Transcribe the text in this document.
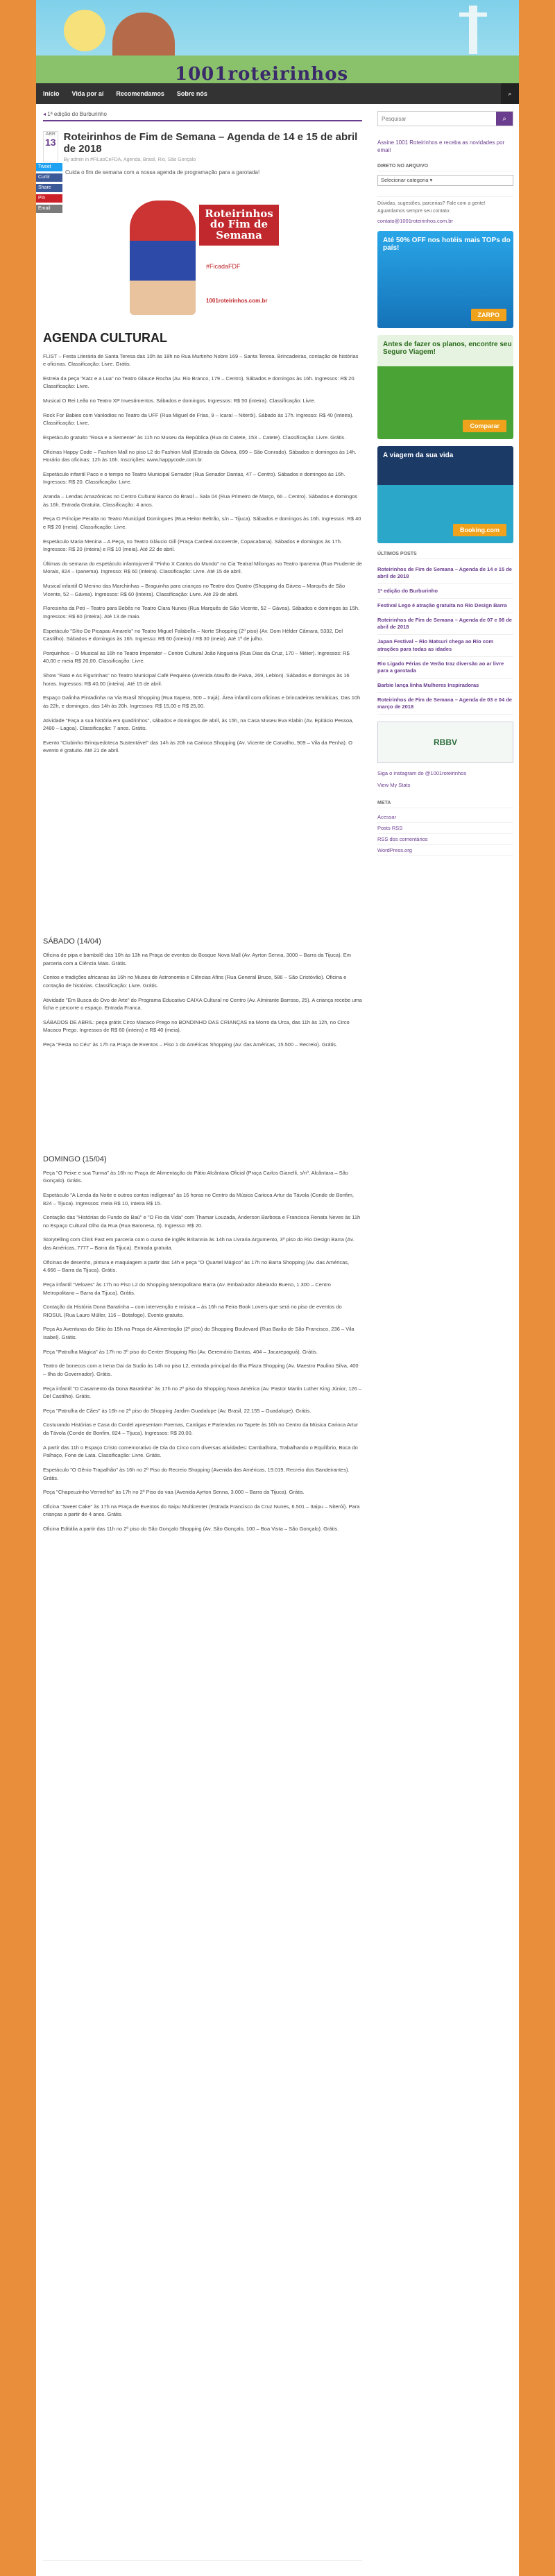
1001roteirinhos
Início Vida por aí Recomendamos Sobre nós	⌕
◂ 1ª edição do Burburinho
Tweet
Curtir
Share
Pin
Email
ABR
13 Roteirinhos de Fim de Semana – Agenda de 14 e 15 de abril de 2018
By admin in #FiLaoCeFDA, Agenda, Brasil, Rio, São Gonçalo
Cuida o fim de semana com a nossa agenda de programação para a garotada!
Roteirinhos do Fim de Semana
#FicadaFDF
1001roteirinhos.com.br
AGENDA CULTURAL
FLIST – Festa Literária de Santa Teresa das 10h às 18h no Rua Murtinho Nobre 169 – Santa Teresa. Brincadeiras, contação de histórias e oficinas. Classificação: Livre. Grátis.
Estreia da peça "Katz e a Lua" no Teatro Glauce Rocha (Av. Rio Branco, 179 – Centro). Sábados e domingos às 16h. Ingressos: R$ 20. Classificação: Livre.
Musical O Rei Leão no Teatro XP Investimentos. Sábados e domingos. Ingressos: R$ 50 (inteira). Classificação: Livre.
Rock For Babies com Vanlodios no Teatro da UFF (Rua Miguel de Frias, 9 – Icaraí – Niterói). Sábado às 17h. Ingresso: R$ 40 (inteira). Classificação: Livre.
Espetáculo gratuito "Rosa e a Semente" às 11h no Museu da República (Rua do Catete, 153 – Catete). Classificação: Livre. Grátis.
Oficinas Happy Code – Fashion Mall no piso L2 do Fashion Mall (Estrada da Gávea, 899 – São Conrado). Sábados e domingos às 14h. Horário das oficinas: 12h às 16h. Inscrições: www.happycode.com.br.
Espetáculo infantil Paco e o tempo no Teatro Municipal Serrador (Rua Senador Dantas, 47 – Centro). Sábados e domingos às 16h. Ingressos: R$ 20. Classificação: Livre.
Aranda – Lendas Amazônicas no Centro Cultural Banco do Brasil – Sala 04 (Rua Primeiro de Março, 66 – Centro). Sábados e domingos às 16h. Entrada Gratuita. Classificação: 4 anos.
Peça O Príncipe Peralta no Teatro Municipal Domingues (Rua Heitor Beltrão, s/n – Tijuca). Sábados e domingos às 16h. Ingressos: R$ 40 e R$ 20 (meia). Classificação: Livre.
Espetáculo Maria Menina – A Peça, no Teatro Gláucio Gill (Praça Cardeal Arcoverde, Copacabana). Sábados e domingos às 17h. Ingressos: R$ 20 (inteira) e R$ 10 (meia). Até 22 de abril.
Últimas do semana do espetáculo infantojuvenil "Pinho X Cantos do Mundo" no Cia Teatral Milongas no Teatro Ipanema (Rua Prudente de Morais, 824 – Ipanema). Ingresso: R$ 60 (inteira). Classificação: Livre. Até 15 de abril.
Musical infantil O Menino das Marchinhas – Braguinha para crianças no Teatro dos Quatro (Shopping da Gávea – Marquês de São Vicente, 52 – Gávea). Ingressos: R$ 60 (inteira). Classificação: Livre. Até 29 de abril.
Floresinha da Peti – Teatro para Bebês no Teatro Clara Nunes (Rua Marquês de São Vicente, 52 – Gávea). Sábados e domingos às 15h. Ingressos: R$ 60 (inteira). Até 13 de maio.
Espetáculo "Sítio Do Picapau Amarelo" no Teatro Miguel Falabella – Norte Shopping (2º piso) (Av. Dom Hélder Câmara, 5332, Del Castilho). Sábados e domingos às 16h. Ingresso: R$ 60 (inteira) / R$ 30 (meia). Até 1º de julho.
Porquinhos – O Musical às 16h no Teatro Imperator – Centro Cultural João Nogueira (Rua Dias da Cruz, 170 – Méier). Ingressos: R$ 40,00 e meia R$ 20,00. Classificação: Livre.
Show "Rato e As Figurinhas" no Teatro Municipal Café Pequeno (Avenida Ataulfo de Paiva, 269, Leblon). Sábados e domingos às 16 horas. Ingressos: R$ 40,00 (inteira). Até 15 de abril.
Espaço Galinha Pintadinha na Via Brasil Shopping (Rua Itapera, 500 – Irajá). Área infantil com oficinas e brincadeiras temáticas. Das 10h às 22h, e domingos, das 14h às 20h. Ingressos: R$ 15,00 e R$ 25,00.
Atividade "Faça a sua história em quadrinhos", sábados e domingos de abril, às 15h, na Casa Museu Eva Klabin (Av. Epitácio Pessoa, 2480 – Lagoa). Classificação: 7 anos. Grátis.
Evento "Clubinho Brinquedoteca Sustentável" das 14h às 20h na Carioca Shopping (Av. Vicente de Carvalho, 909 – Vila da Penha). O evento é gratuito. Até 21 de abril.
SÁBADO (14/04)
Oficina de pipa e bambolê das 10h às 13h na Praça de eventos do Bosque Nova Mall (Av. Ayrton Senna, 3000 – Barra da Tijuca). Em parceria com a Ciência Mais. Grátis.
Contos e tradições africanas às 16h no Museu de Astronomia e Ciências Afins (Rua General Bruce, 586 – São Cristóvão). Oficina e contação de histórias. Classificação: Livre. Grátis.
Atividade "Em Busca do Ovo de Arte" do Programa Educativo CAIXA Cultural no Centro (Av. Almirante Barroso, 25). A criança recebe uma ficha e percorre o espaço. Entrada Franca.
SÁBADOS DE ABRIL: peça grátis Circo Macaco Prego no BONDINHO DAS CRIANÇAS na Morro da Urca, das 11h às 12h, no Circo Macaco Prego. Ingressos de R$ 60 (inteira) e R$ 40 (meia).
Peça "Festa no Céu" às 17h na Praça de Eventos – Piso 1 do Américas Shopping (Av. das Américas, 15.500 – Recreio). Grátis.
DOMINGO (15/04)
Peça "O Peixe e sua Turma" às 16h no Praça de Alimentação do Pátio Alcântara Oficial (Praça Carlos Gianelli, s/nº, Alcântara – São Gonçalo). Grátis.
Espetáculo "A Lenda da Noite e outros contos indígenas" às 16 horas no Centro da Música Carioca Artur da Távola (Conde de Bonfim, 824 – Tijuca). Ingressos: meia R$ 10, inteira R$ 15.
Contação das "Histórias do Fundo do Baú" e "O Fio da Vida" com Thamar Louzada, Anderson Barbosa e Francisca Renata Neves às 11h no Espaço Cultural Olho da Rua (Rua Baronesa, 5). Ingresso: R$ 20.
Storytelling com Clink Fast em parceria com o curso de inglês Britannia às 14h na Livraria Argumento, 3º piso do Rio Design Barra (Av. das Américas, 7777 – Barra da Tijuca). Entrada gratuita.
Oficinas de desenho, pintura e maquiagem a partir das 14h e peça "O Quartel Mágico" às 17h no Barra Shopping (Av. das Américas, 4.666 – Barra da Tijuca). Grátis.
Peça infantil "Velozes" às 17h no Piso L2 do Shopping Metropolitano Barra (Av. Embaixador Abelardo Bueno, 1.300 – Centro Metropolitano – Barra da Tijuca). Grátis.
Contação da História Dona Baratinha – com intervenção e música – às 16h na Feira Book Lovers que será no piso de eventos do RIOSUL (Rua Lauro Müller, 116 – Botafogo). Evento gratuito.
Peça As Aventuras do Sítio às 15h na Praça de Alimentação (2º piso) do Shopping Boulevard (Rua Barão de São Francisco, 236 – Vila Isabel). Grátis.
Peça "Patrulha Mágica" às 17h no 3º piso do Center Shopping Rio (Av. Geremário Dantas, 404 – Jacarepaguá). Grátis.
Teatro de bonecos com a Irena Dai da Sudio às 14h no piso L2, entrada principal da Ilha Plaza Shopping (Av. Maestro Paulino Silva, 400 – Ilha do Governador). Grátis.
Peça infantil "O Casamento da Dona Baratinha" às 17h no 2º piso do Shopping Nova América (Av. Pastor Martin Luther King Júnior, 126 – Del Castilho). Grátis.
Peça "Patrulha de Cães" às 16h no 2º piso do Shopping Jardim Guadalupe (Av. Brasil, 22.155 – Guadalupe). Grátis.
Costurando Histórias e Casa do Cordel apresentam Poemas, Cantigas e Parlendas no Tapete às 16h no Centro da Música Carioca Artur da Távola (Conde de Bonfim, 824 – Tijuca). Ingressos: R$ 20,00.
A partir das 11h o Espaço Cristo comemorativo de Dia do Circo com diversas atividades: Cambalhota, Trabalhando o Equilíbrio, Boca do Palhaço, Fone de Lata. Classificação: Livre. Grátis.
Espetáculo "O Gênio Trapalhão" às 16h no 2º Piso do Recreio Shopping (Avenida das Américas, 19.019, Recreio dos Bandeirantes). Grátis.
Peça "Chapeuzinho Vermelho" às 17h no 2º Piso do vaa (Avenida Ayrton Senna, 3.000 – Barra da Tijuca). Grátis.
Oficina "Sweet Cake" às 17h na Praça de Eventos do Itaipu Multicenter (Estrada Francisco da Cruz Nunes, 6.501 – Itaipu – Niterói). Para crianças a partir de 4 anos. Grátis.
Oficina Editália a partir das 11h no 2º piso do São Gonçalo Shopping (Av. São Gonçalo, 100 – Boa Vista – São Gonçalo). Grátis.
Pesquisar
⌕
Assine 1001 Roteirinhos e receba as novidades por email
DIRETO NO ARQUIVO
Selecionar categoria ▾
Dúvidas, sugestões, parcerias? Fale com a gente! Aguardamos sempre seu contato:
contato@1001roteirinhos.com.br
Até 50% OFF nos hotéis mais TOPs do país!
ZARPO
Antes de fazer os planos, encontre seu Seguro Viagem!
Comparar
A viagem da sua vida
Booking.com
ÚLTIMOS POSTS
Roteirinhos de Fim de Semana – Agenda de 14 e 15 de abril de 2018
1ª edição do Burburinho
Festival Lego é atração gratuita no Rio Design Barra
Roteirinhos de Fim de Semana – Agenda de 07 e 08 de abril de 2018
Japan Festival – Rio Matsuri chega ao Rio com atrações para todas as idades
Rio Ligado Férias de Verão traz diversão ao ar livre para a garotada
Barbie lança linha Mulheres Inspiradoras
Roteirinhos de Fim de Semana – Agenda de 03 e 04 de março de 2018
RBBV
Siga o instagram do @1001roteirinhos
View My Stats
META
Acessar
Posts RSS
RSS dos comentários
WordPress.org
